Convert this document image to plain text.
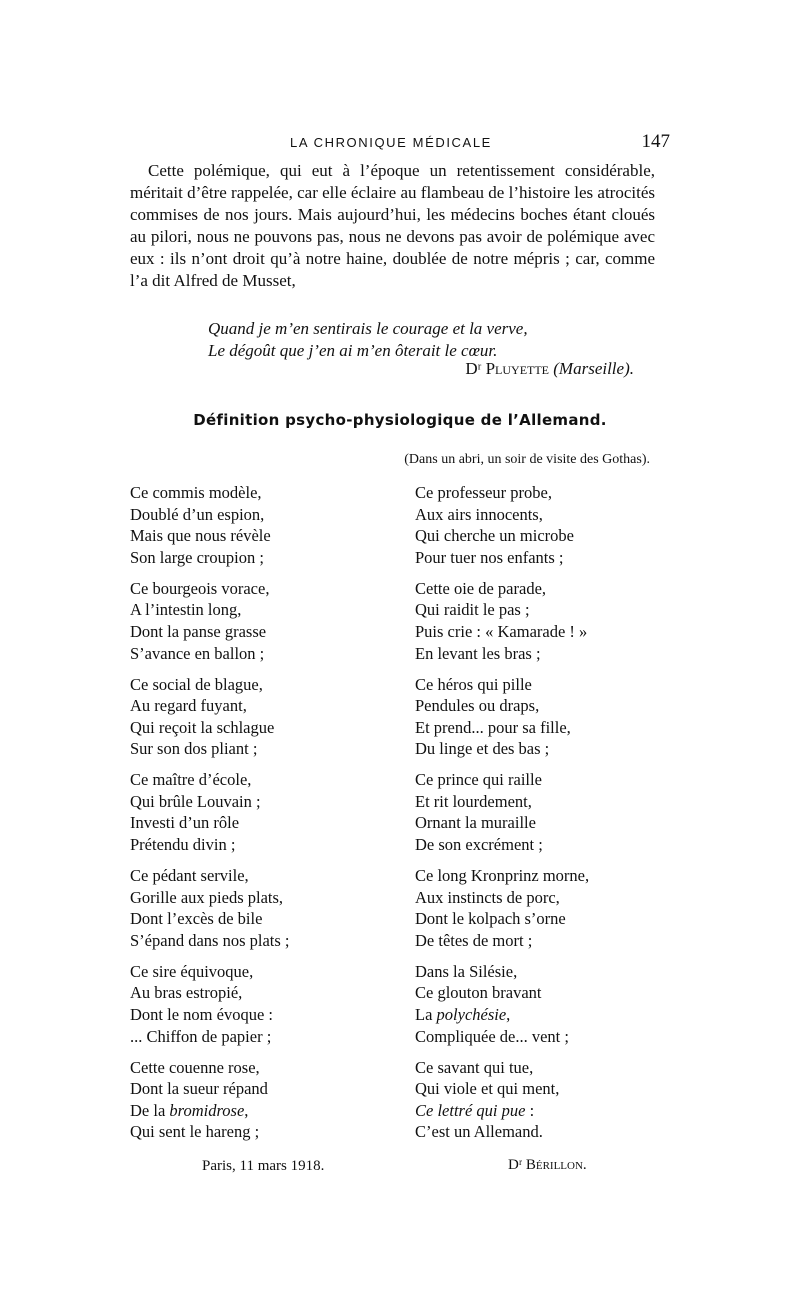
LA CHRONIQUE MÉDICALE	147

Cette polémique, qui eut à l’époque un retentissement considérable, méritait d’être rappelée, car elle éclaire au flambeau de l’histoire les atrocités commises de nos jours. Mais aujourd’hui, les médecins boches étant cloués au pilori, nous ne pouvons pas, nous ne devons pas avoir de polémique avec eux : ils n’ont droit qu’à notre haine, doublée de notre mépris ; car, comme l’a dit Alfred de Musset,

Quand je m’en sentirais le courage et la verve,
Le dégoût que j’en ai m’en ôterait le cœur.
Dʳ Pluyette (Marseille).
Définition psycho-physiologique de l’Allemand.
(Dans un abri, un soir de visite des Gothas).
Ce commis modèle,
Doublé d’un espion,
Mais que nous révèle
Son large croupion ;
Ce bourgeois vorace,
A l’intestin long,
Dont la panse grasse
S’avance en ballon ;
Ce social de blague,
Au regard fuyant,
Qui reçoit la schlague
Sur son dos pliant ;
Ce maître d’école,
Qui brûle Louvain ;
Investi d’un rôle
Prétendu divin ;
Ce pédant servile,
Gorille aux pieds plats,
Dont l’excès de bile
S’épand dans nos plats ;
Ce sire équivoque,
Au bras estropié,
Dont le nom évoque :
... Chiffon de papier ;
Cette couenne rose,
Dont la sueur répand
De la bromidrose,
Qui sent le hareng ;
Ce professeur probe,
Aux airs innocents,
Qui cherche un microbe
Pour tuer nos enfants ;
Cette oie de parade,
Qui raidit le pas ;
Puis crie : « Kamarade ! »
En levant les bras ;
Ce héros qui pille
Pendules ou draps,
Et prend... pour sa fille,
Du linge et des bas ;
Ce prince qui raille
Et rit lourdement,
Ornant la muraille
De son excrément ;
Ce long Kronprinz morne,
Aux instincts de porc,
Dont le kolpach s’orne
De têtes de mort ;
Dans la Silésie,
Ce glouton bravant
La polychésie,
Compliquée de... vent ;
Ce savant qui tue,
Qui viole et qui ment,
Ce lettré qui pue :
C’est un Allemand.
Paris, 11 mars 1918.	Dʳ Bérillon.
